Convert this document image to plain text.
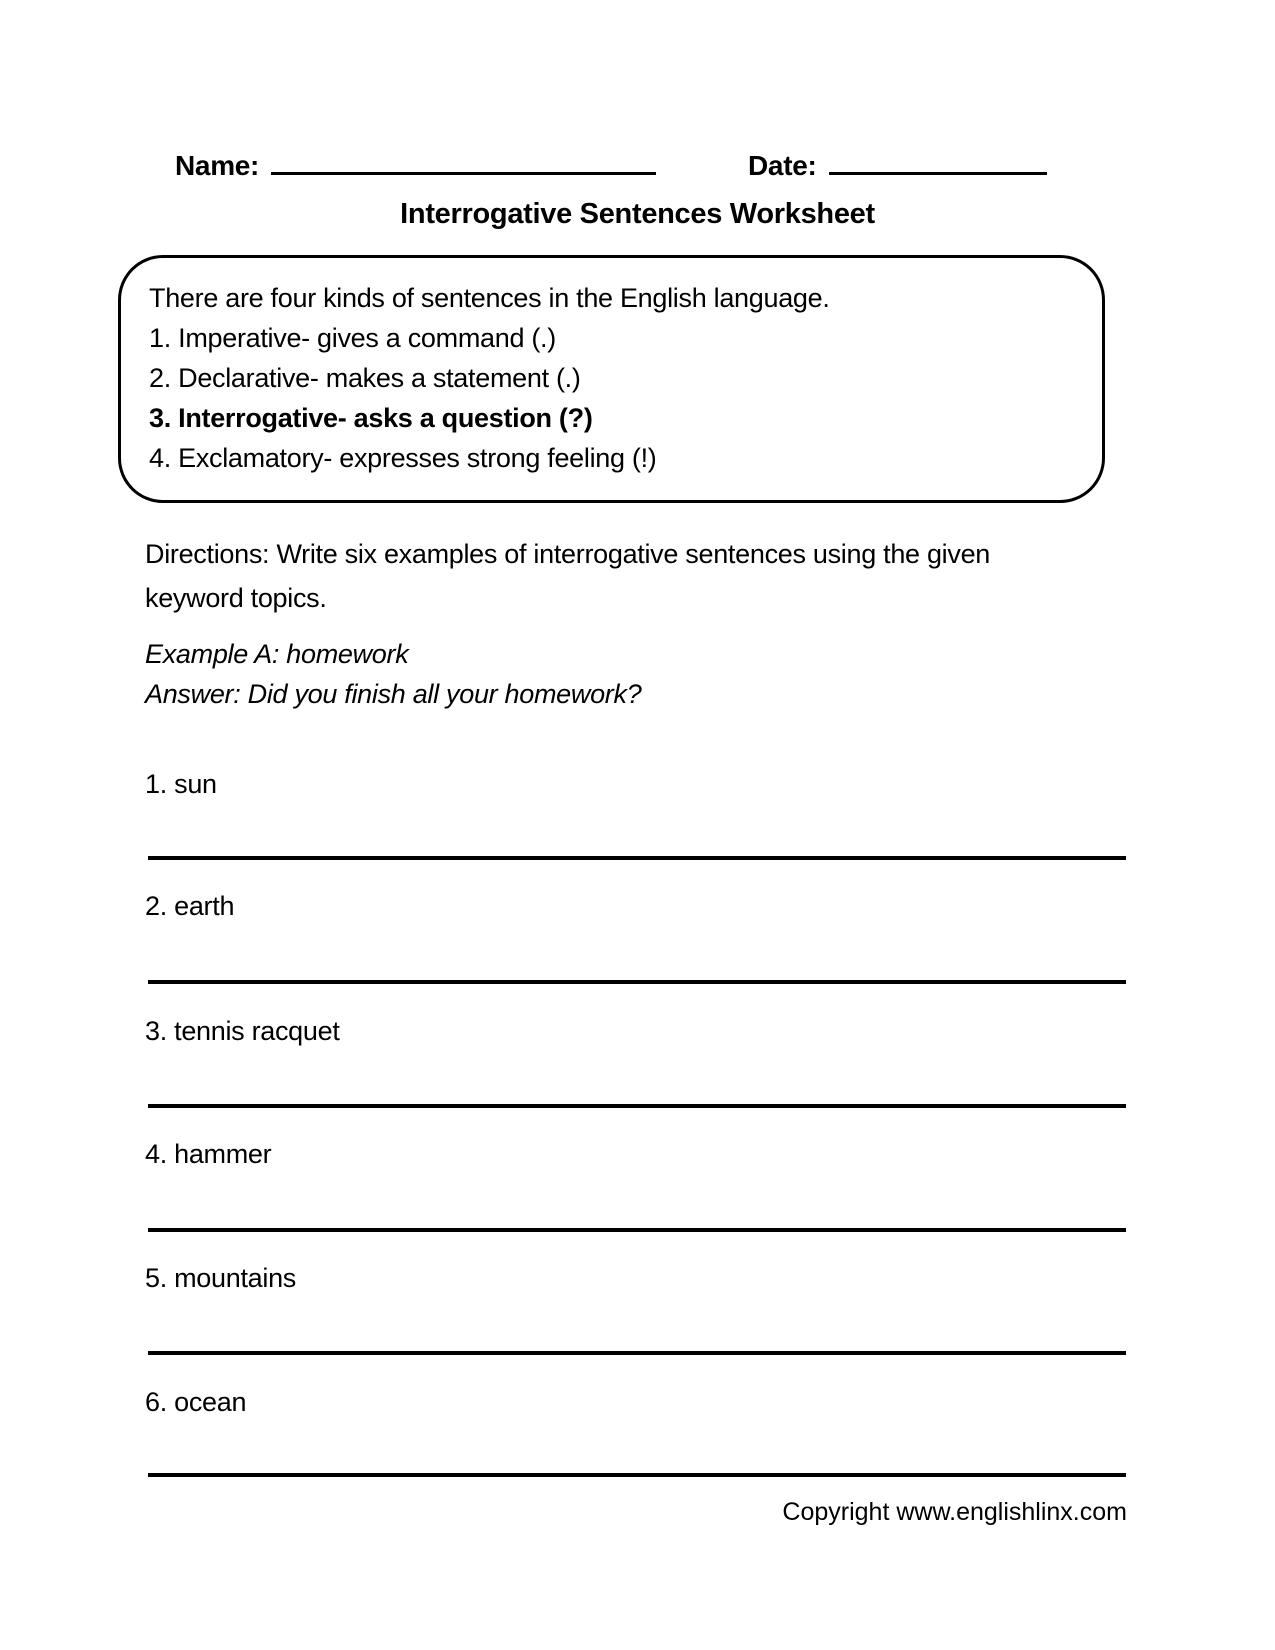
Name:	Date:
Interrogative Sentences Worksheet
There are four kinds of sentences in the English language.
1. Imperative- gives a command (.)
2. Declarative- makes a statement (.)
3. Interrogative- asks a question (?)
4. Exclamatory- expresses strong feeling (!)
Directions: Write six examples of interrogative sentences using the given keyword topics.
Example A: homework
Answer: Did you finish all your homework?
1. sun
2. earth
3. tennis racquet
4. hammer
5. mountains
6. ocean
Copyright www.englishlinx.com
